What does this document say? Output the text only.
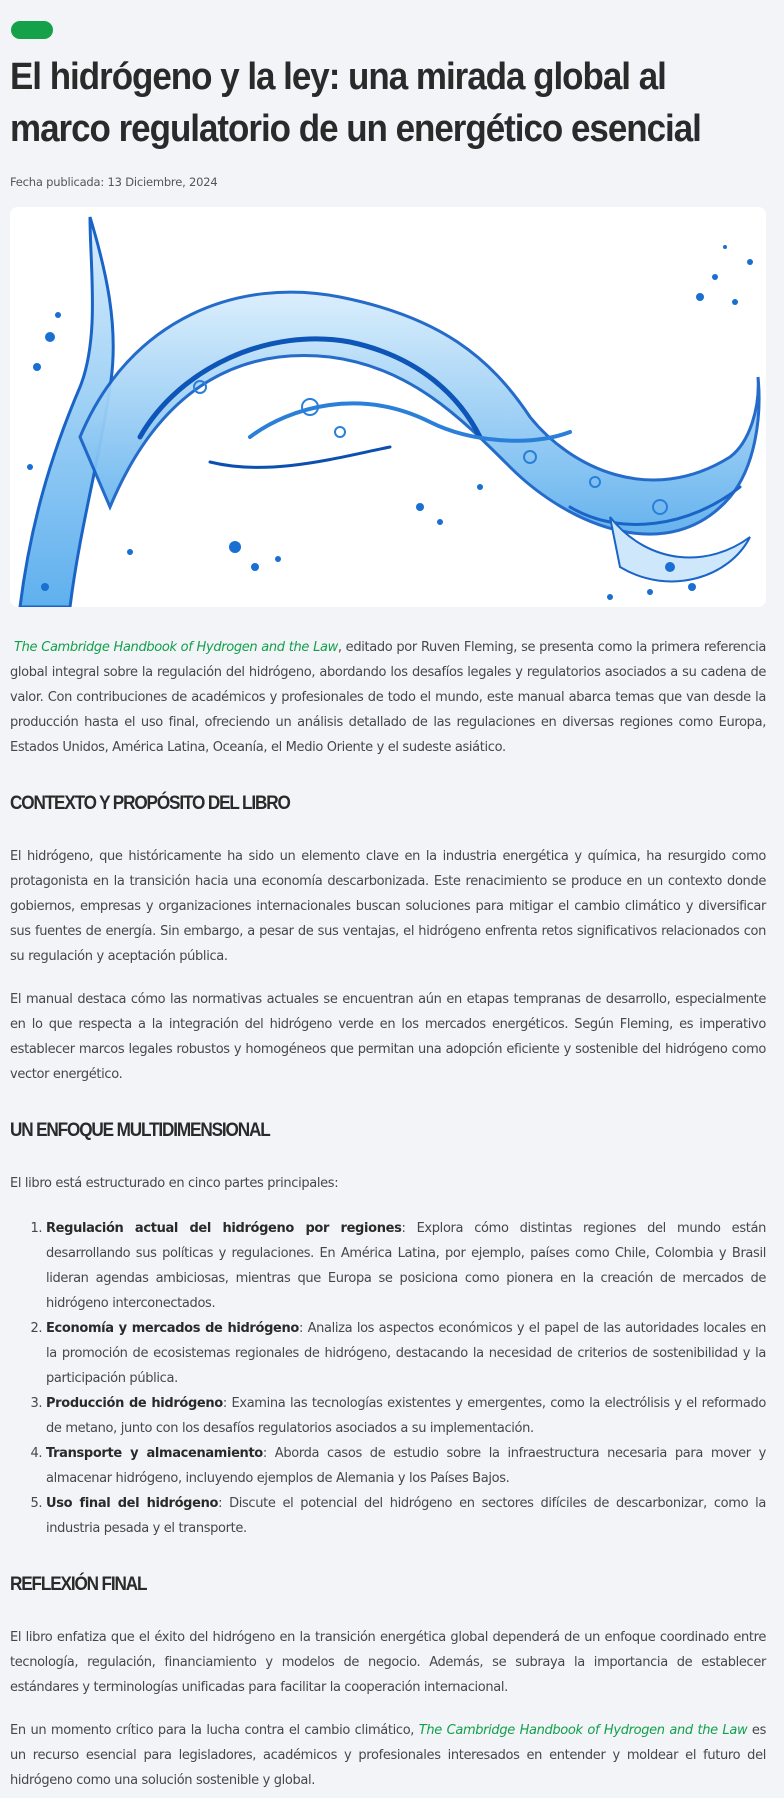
El hidrógeno y la ley: una mirada global al marco regulatorio de un energético esencial
Fecha publicada: 13 Diciembre, 2024

The Cambridge Handbook of Hydrogen and the Law, editado por Ruven Fleming, se presenta como la primera referencia global integral sobre la regulación del hidrógeno, abordando los desafíos legales y regulatorios asociados a su cadena de valor. Con contribuciones de académicos y profesionales de todo el mundo, este manual abarca temas que van desde la producción hasta el uso final, ofreciendo un análisis detallado de las regulaciones en diversas regiones como Europa, Estados Unidos, América Latina, Oceanía, el Medio Oriente y el sudeste asiático.

CONTEXTO Y PROPÓSITO DEL LIBRO

El hidrógeno, que históricamente ha sido un elemento clave en la industria energética y química, ha resurgido como protagonista en la transición hacia una economía descarbonizada. Este renacimiento se produce en un contexto donde gobiernos, empresas y organizaciones internacionales buscan soluciones para mitigar el cambio climático y diversificar sus fuentes de energía. Sin embargo, a pesar de sus ventajas, el hidrógeno enfrenta retos significativos relacionados con su regulación y aceptación pública.

El manual destaca cómo las normativas actuales se encuentran aún en etapas tempranas de desarrollo, especialmente en lo que respecta a la integración del hidrógeno verde en los mercados energéticos. Según Fleming, es imperativo establecer marcos legales robustos y homogéneos que permitan una adopción eficiente y sostenible del hidrógeno como vector energético.

UN ENFOQUE MULTIDIMENSIONAL

El libro está estructurado en cinco partes principales:

1. Regulación actual del hidrógeno por regiones: Explora cómo distintas regiones del mundo están desarrollando sus políticas y regulaciones. En América Latina, por ejemplo, países como Chile, Colombia y Brasil lideran agendas ambiciosas, mientras que Europa se posiciona como pionera en la creación de mercados de hidrógeno interconectados.
2. Economía y mercados de hidrógeno: Analiza los aspectos económicos y el papel de las autoridades locales en la promoción de ecosistemas regionales de hidrógeno, destacando la necesidad de criterios de sostenibilidad y la participación pública.
3. Producción de hidrógeno: Examina las tecnologías existentes y emergentes, como la electrólisis y el reformado de metano, junto con los desafíos regulatorios asociados a su implementación.
4. Transporte y almacenamiento: Aborda casos de estudio sobre la infraestructura necesaria para mover y almacenar hidrógeno, incluyendo ejemplos de Alemania y los Países Bajos.
5. Uso final del hidrógeno: Discute el potencial del hidrógeno en sectores difíciles de descarbonizar, como la industria pesada y el transporte.
REFLEXIÓN FINAL

El libro enfatiza que el éxito del hidrógeno en la transición energética global dependerá de un enfoque coordinado entre tecnología, regulación, financiamiento y modelos de negocio. Además, se subraya la importancia de establecer estándares y terminologías unificadas para facilitar la cooperación internacional.

En un momento crítico para la lucha contra el cambio climático, The Cambridge Handbook of Hydrogen and the Law es un recurso esencial para legisladores, académicos y profesionales interesados en entender y moldear el futuro del hidrógeno como una solución sostenible y global.
